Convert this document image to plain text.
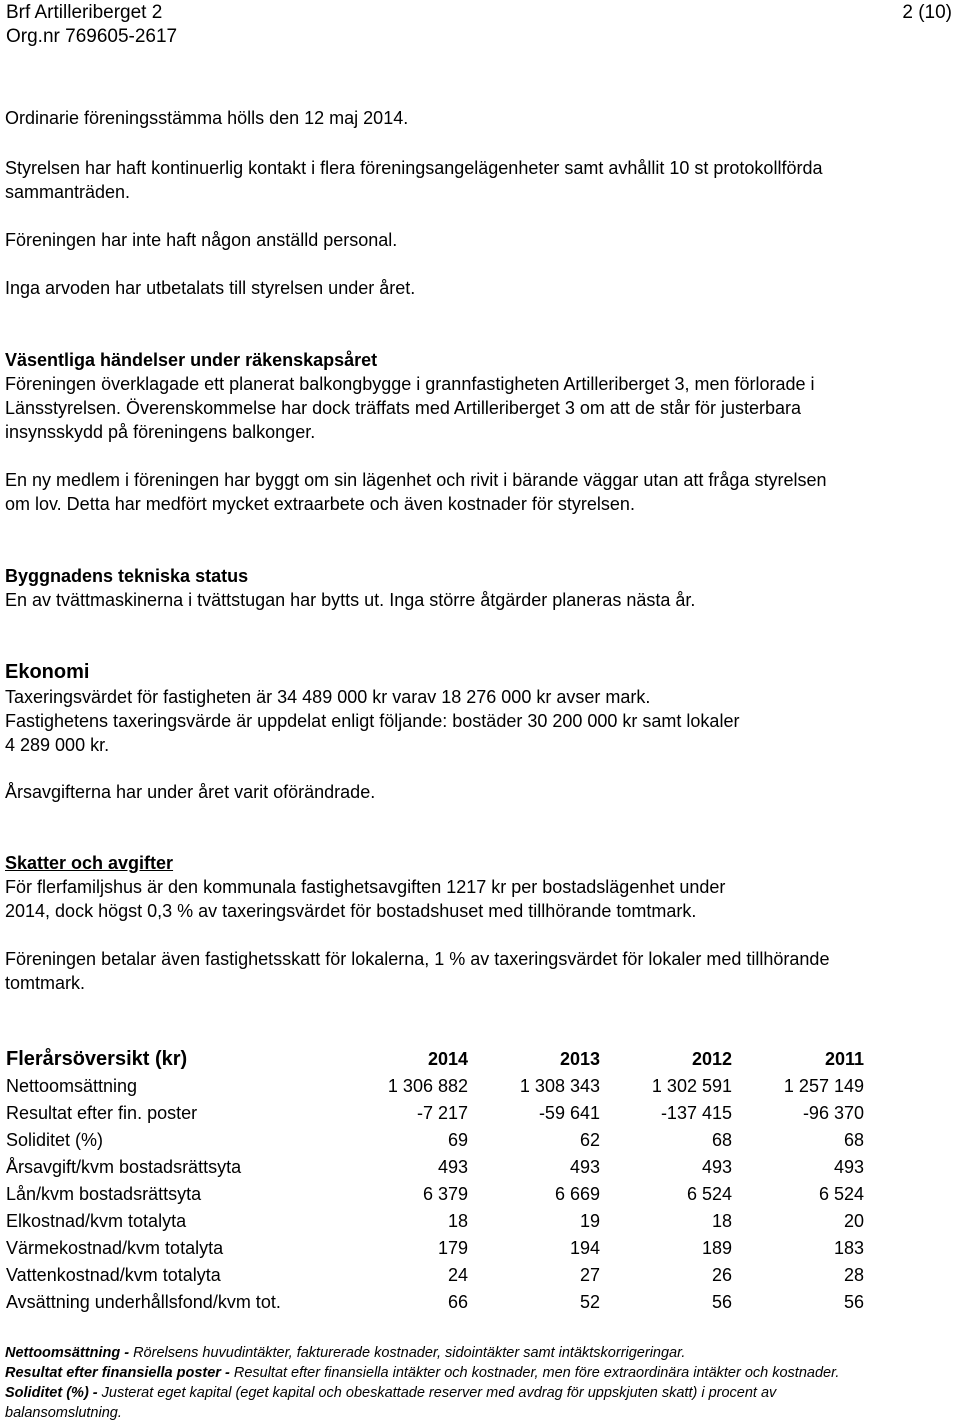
Brf Artilleriberget 2
Org.nr 769605-2617
2 (10)

Ordinarie föreningsstämma hölls den 12 maj 2014.

Styrelsen har haft kontinuerlig kontakt i flera föreningsangelägenheter samt avhållit 10 st protokollförda

sammanträden.

Föreningen har inte haft någon anställd personal.

Inga arvoden har utbetalats till styrelsen under året.

Väsentliga händelser under räkenskapsåret

Föreningen överklagade ett planerat balkongbygge i grannfastigheten Artilleriberget 3, men förlorade i

Länsstyrelsen. Överenskommelse har dock träffats med Artilleriberget 3 om att de står för justerbara

insynsskydd på föreningens balkonger.

En ny medlem i föreningen har byggt om sin lägenhet och rivit i bärande väggar utan att fråga styrelsen

om lov. Detta har medfört mycket extraarbete och även kostnader för styrelsen.

Byggnadens tekniska status

En av tvättmaskinerna i tvättstugan har bytts ut. Inga större åtgärder planeras nästa år.

Ekonomi

Taxeringsvärdet för fastigheten är 34 489 000 kr varav 18 276 000 kr avser mark.

Fastighetens taxeringsvärde är uppdelat enligt följande: bostäder 30 200 000 kr samt lokaler

4 289 000 kr.

Årsavgifterna har under året varit oförändrade.

Skatter och avgifter

För flerfamiljshus är den kommunala fastighetsavgiften 1217 kr per bostadslägenhet under

2014, dock högst 0,3 % av taxeringsvärdet för bostadshuset med tillhörande tomtmark.

Föreningen betalar även fastighetsskatt för lokalerna, 1 % av taxeringsvärdet för lokaler med tillhörande

tomtmark.

Flerårsöversikt (kr)	2014	2013	2012	2011
Nettoomsättning	1 306 882	1 308 343	1 302 591	1 257 149
Resultat efter fin. poster	-7 217	-59 641	-137 415	-96 370
Soliditet (%)	69	62	68	68
Årsavgift/kvm bostadsrättsyta	493	493	493	493
Lån/kvm bostadsrättsyta	6 379	6 669	6 524	6 524
Elkostnad/kvm totalyta	18	19	18	20
Värmekostnad/kvm totalyta	179	194	189	183
Vattenkostnad/kvm totalyta	24	27	26	28
Avsättning underhållsfond/kvm tot.	66	52	56	56

Nettoomsättning - Rörelsens huvudintäkter, fakturerade kostnader, sidointäkter samt intäktskorrigeringar.

Resultat efter finansiella poster - Resultat efter finansiella intäkter och kostnader, men före extraordinära intäkter och kostnader.

Soliditet (%) - Justerat eget kapital (eget kapital och obeskattade reserver med avdrag för uppskjuten skatt) i procent av

balansomslutning.
